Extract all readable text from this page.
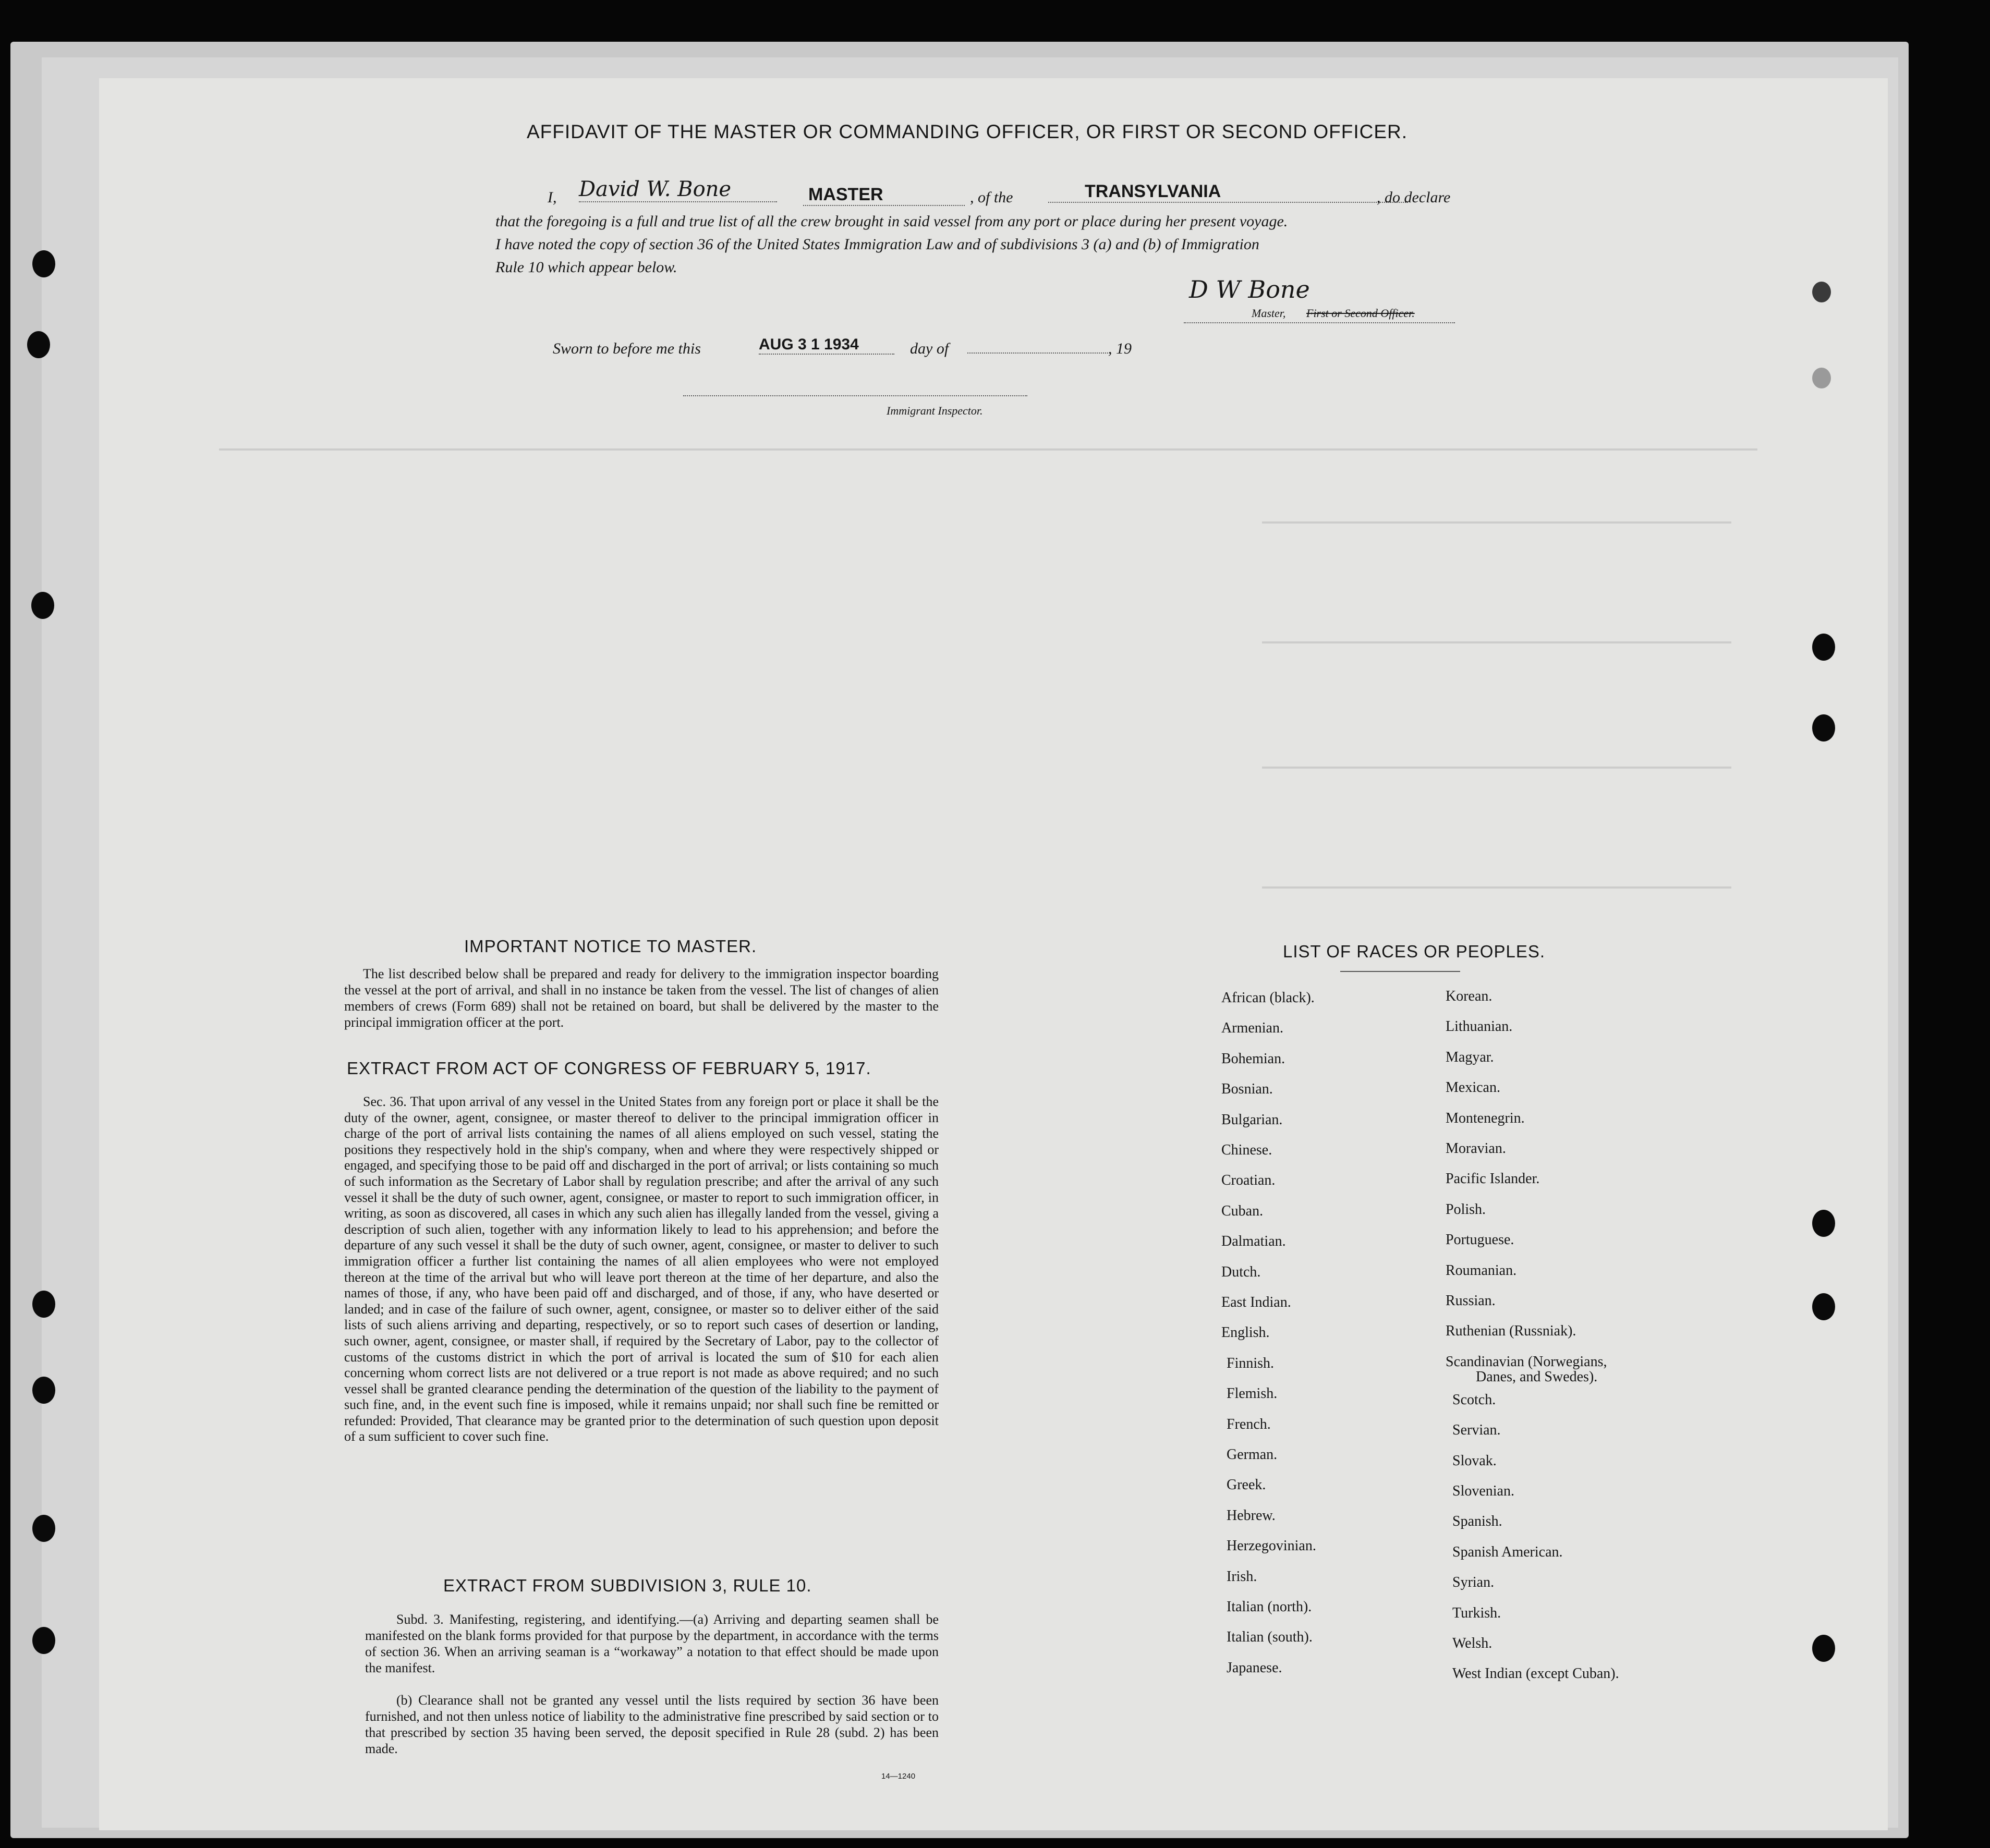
AFFIDAVIT OF THE MASTER OR COMMANDING OFFICER, OR FIRST OR SECOND OFFICER.
I, David W. Bone	MASTER	, of the	TRANSYLVANIA	, do declare
that the foregoing is a full and true list of all the crew brought in said vessel from any port or place during her present voyage.
I have noted the copy of section 36 of the United States Immigration Law and of subdivisions 3 (a) and (b) of Immigration
Rule 10 which appear below.
D W Bone
Master, First or Second Officer.
Sworn to before me this	AUG 3 1 1934	day of	, 19
Immigrant Inspector.
IMPORTANT NOTICE TO MASTER.
The list described below shall be prepared and ready for delivery to the immigration inspector boarding the vessel at the port of arrival, and shall in no instance be taken from the vessel. The list of changes of alien members of crews (Form 689) shall not be retained on board, but shall be delivered by the master to the principal immigration officer at the port.
EXTRACT FROM ACT OF CONGRESS OF FEBRUARY 5, 1917.
Sec. 36. That upon arrival of any vessel in the United States from any foreign port or place it shall be the duty of the owner, agent, consignee, or master thereof to deliver to the principal immigration officer in charge of the port of arrival lists containing the names of all aliens employed on such vessel, stating the positions they respectively hold in the ship's company, when and where they were respectively shipped or engaged, and specifying those to be paid off and discharged in the port of arrival; or lists containing so much of such information as the Secretary of Labor shall by regulation prescribe; and after the arrival of any such vessel it shall be the duty of such owner, agent, consignee, or master to report to such immigration officer, in writing, as soon as discovered, all cases in which any such alien has illegally landed from the vessel, giving a description of such alien, together with any information likely to lead to his apprehension; and before the departure of any such vessel it shall be the duty of such owner, agent, consignee, or master to deliver to such immigration officer a further list containing the names of all alien employees who were not employed thereon at the time of the arrival but who will leave port thereon at the time of her departure, and also the names of those, if any, who have been paid off and discharged, and of those, if any, who have deserted or landed; and in case of the failure of such owner, agent, consignee, or master so to deliver either of the said lists of such aliens arriving and departing, respectively, or so to report such cases of desertion or landing, such owner, agent, consignee, or master shall, if required by the Secretary of Labor, pay to the collector of customs of the customs district in which the port of arrival is located the sum of $10 for each alien concerning whom correct lists are not delivered or a true report is not made as above required; and no such vessel shall be granted clearance pending the determination of the question of the liability to the payment of such fine, and, in the event such fine is imposed, while it remains unpaid; nor shall such fine be remitted or refunded: Provided, That clearance may be granted prior to the determination of such question upon deposit of a sum sufficient to cover such fine.
EXTRACT FROM SUBDIVISION 3, RULE 10.
Subd. 3. Manifesting, registering, and identifying.—(a) Arriving and departing seamen shall be manifested on the blank forms provided for that purpose by the department, in accordance with the terms of section 36. When an arriving seaman is a “workaway” a notation to that effect should be made upon the manifest.
(b) Clearance shall not be granted any vessel until the lists required by section 36 have been furnished, and not then unless notice of liability to the administrative fine prescribed by said section or to that prescribed by section 35 having been served, the deposit specified in Rule 28 (subd. 2) has been made.
14—1240
LIST OF RACES OR PEOPLES.
African (black).
Armenian.
Bohemian.
Bosnian.
Bulgarian.
Chinese.
Croatian.
Cuban.
Dalmatian.
Dutch.
East Indian.
English.
Finnish.
Flemish.
French.
German.
Greek.
Hebrew.
Herzegovinian.
Irish.
Italian (north).
Italian (south).
Japanese.
Korean.
Lithuanian.
Magyar.
Mexican.
Montenegrin.
Moravian.
Pacific Islander.
Polish.
Portuguese.
Roumanian.
Russian.
Ruthenian (Russniak).
Scandinavian (Norwegians,
Danes, and Swedes).
Scotch.
Servian.
Slovak.
Slovenian.
Spanish.
Spanish American.
Syrian.
Turkish.
Welsh.
West Indian (except Cuban).
